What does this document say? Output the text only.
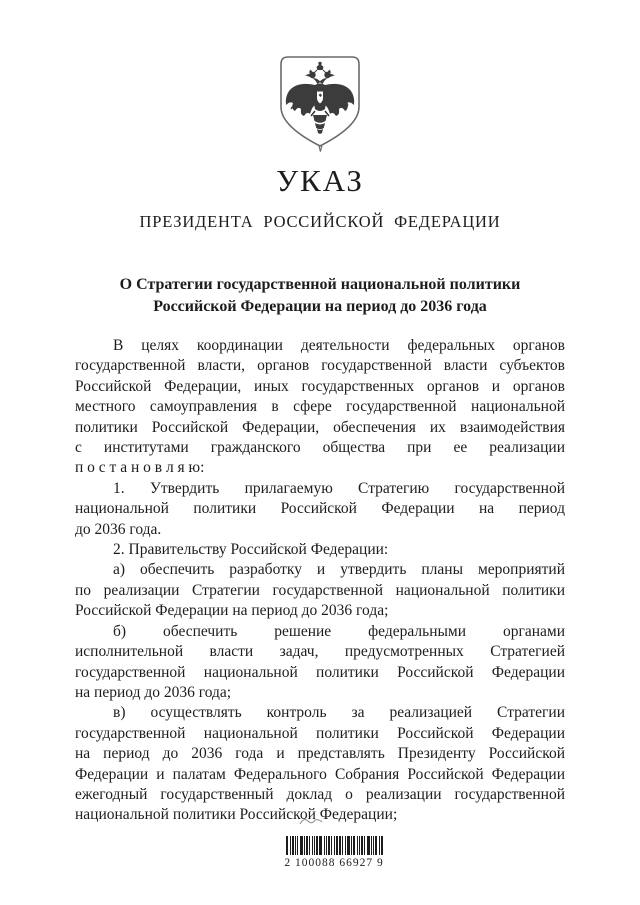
УКАЗ
ПРЕЗИДЕНТА РОССИЙСКОЙ ФЕДЕРАЦИИ
О Стратегии государственной национальной политики
Российской Федерации на период до 2036 года
В целях координации деятельности федеральных органов
государственной власти, органов государственной власти субъектов
Российской Федерации, иных государственных органов и органов
местного самоуправления в сфере государственной национальной
политики Российской Федерации, обеспечения их взаимодействия
с институтами гражданского общества при ее реализации
п о с т а н о в л я ю:
1. Утвердить прилагаемую Стратегию государственной
национальной политики Российской Федерации на период
до 2036 года.
2. Правительству Российской Федерации:
а) обеспечить разработку и утвердить планы мероприятий
по реализации Стратегии государственной национальной политики
Российской Федерации на период до 2036 года;
б) обеспечить решение федеральными органами
исполнительной власти задач, предусмотренных Стратегией
государственной национальной политики Российской Федерации
на период до 2036 года;
в) осуществлять контроль за реализацией Стратегии
государственной национальной политики Российской Федерации
на период до 2036 года и представлять Президенту Российской
Федерации и палатам Федерального Собрания Российской Федерации
ежегодный государственный доклад о реализации государственной
национальной политики Российской Федерации;
2 100088 66927 9
